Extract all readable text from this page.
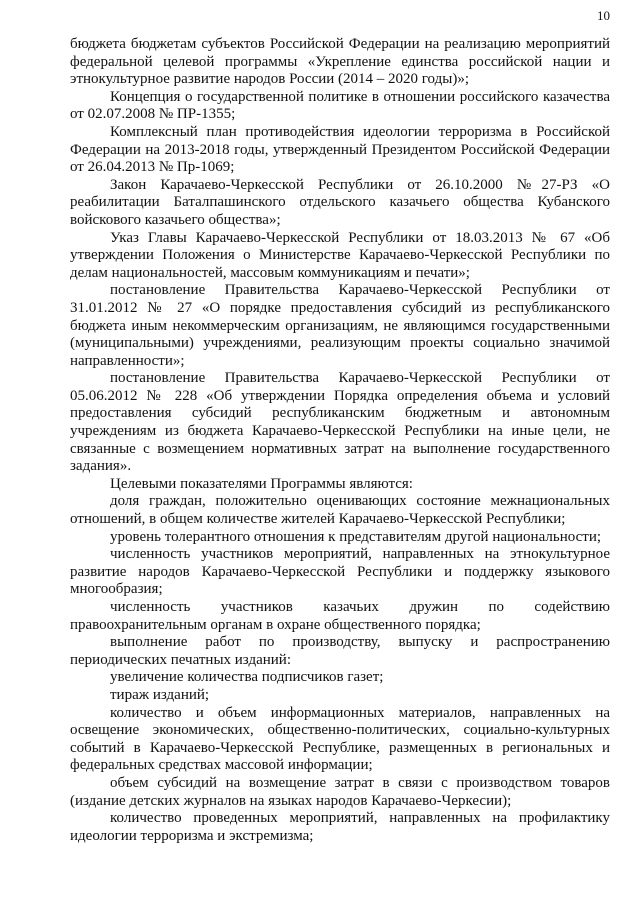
10

бюджета бюджетам субъектов Российской Федерации на реализацию мероприятий федеральной целевой программы «Укрепление единства российской нации и этнокультурное развитие народов России (2014 – 2020 годы)»;

Концепция о государственной политике в отношении российского казачества от 02.07.2008 № ПР-1355;

Комплексный план противодействия идеологии терроризма в Российской Федерации на 2013-2018 годы, утвержденный Президентом Российской Федерации от 26.04.2013 № Пр-1069;

Закон Карачаево-Черкесской Республики от 26.10.2000 №27-РЗ «О реабилитации Баталпашинского отдельского казачьего общества Кубанского войскового казачьего общества»;

Указ Главы Карачаево-Черкесской Республики от 18.03.2013 № 67 «Об утверждении Положения о Министерстве Карачаево-Черкесской Республики по делам национальностей, массовым коммуникациям и печати»;

постановление Правительства Карачаево-Черкесской Республики от 31.01.2012 № 27 «О порядке предоставления субсидий из республиканского бюджета иным некоммерческим организациям, не являющимся государственными (муниципальными) учреждениями, реализующим проекты социально значимой направленности»;

постановление Правительства Карачаево-Черкесской Республики от 05.06.2012 № 228 «Об утверждении Порядка определения объема и условий предоставления субсидий республиканским бюджетным и автономным учреждениям из бюджета Карачаево-Черкесской Республики на иные цели, не связанные с возмещением нормативных затрат на выполнение государственного задания».

Целевыми показателями Программы являются:

доля граждан, положительно оценивающих состояние межнациональных отношений, в общем количестве жителей Карачаево-Черкесской Республики;

уровень толерантного отношения к представителям другой национальности;

численность участников мероприятий, направленных на этнокультурное развитие народов Карачаево-Черкесской Республики и поддержку языкового многообразия;

численность участников казачьих дружин по содействию правоохранительным органам в охране общественного порядка;

выполнение работ по производству, выпуску и распространению периодических печатных изданий:

увеличение количества подписчиков газет;

тираж изданий;

количество и объем информационных материалов, направленных на освещение экономических, общественно-политических, социально-культурных событий в Карачаево-Черкесской Республике, размещенных в региональных и федеральных средствах массовой информации;

объем субсидий на возмещение затрат в связи с производством товаров (издание детских журналов на языках народов Карачаево-Черкесии);

количество проведенных мероприятий, направленных на профилактику идеологии терроризма и экстремизма;
